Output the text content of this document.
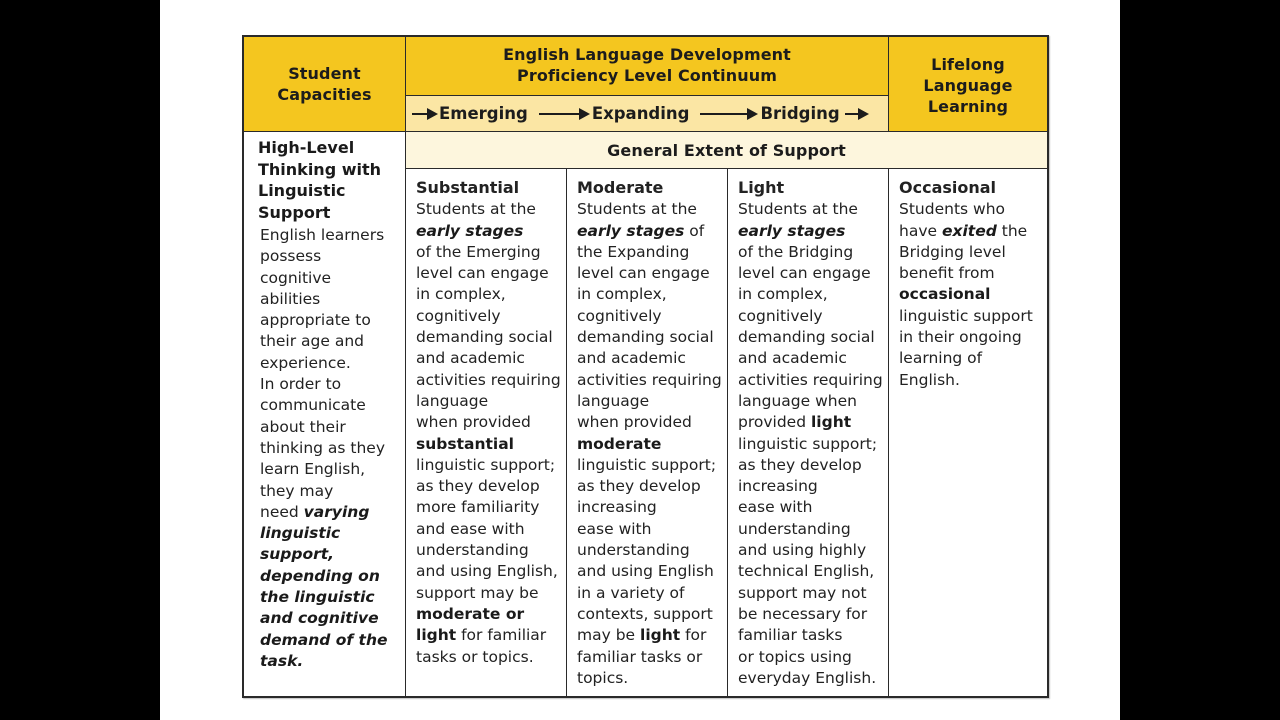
Student
Capacities
English Language Development
Proficiency Level Continuum
Lifelong
Language
Learning
Emerging	Expanding	Bridging
High-Level
Thinking with
Linguistic
Support
English learners
possess
cognitive
abilities
appropriate to
their age and
experience.
In order to
communicate
about their
thinking as they
learn English,
they may
need varying
linguistic
support,
depending on
the linguistic
and cognitive
demand of the
task.
General Extent of Support
Substantial
Students at the
early stages
of the Emerging
level can engage
in complex,
cognitively
demanding social
and academic
activities requiring
language
when provided
substantial
linguistic support;
as they develop
more familiarity
and ease with
understanding
and using English,
support may be
moderate or
light for familiar
tasks or topics.
Moderate
Students at the
early stages of
the Expanding
level can engage
in complex,
cognitively
demanding social
and academic
activities requiring
language
when provided
moderate
linguistic support;
as they develop
increasing
ease with
understanding
and using English
in a variety of
contexts, support
may be light for
familiar tasks or
topics.
Light
Students at the
early stages
of the Bridging
level can engage
in complex,
cognitively
demanding social
and academic
activities requiring
language when
provided light
linguistic support;
as they develop
increasing
ease with
understanding
and using highly
technical English,
support may not
be necessary for
familiar tasks
or topics using
everyday English.
Occasional
Students who
have exited the
Bridging level
benefit from
occasional
linguistic support
in their ongoing
learning of
English.
